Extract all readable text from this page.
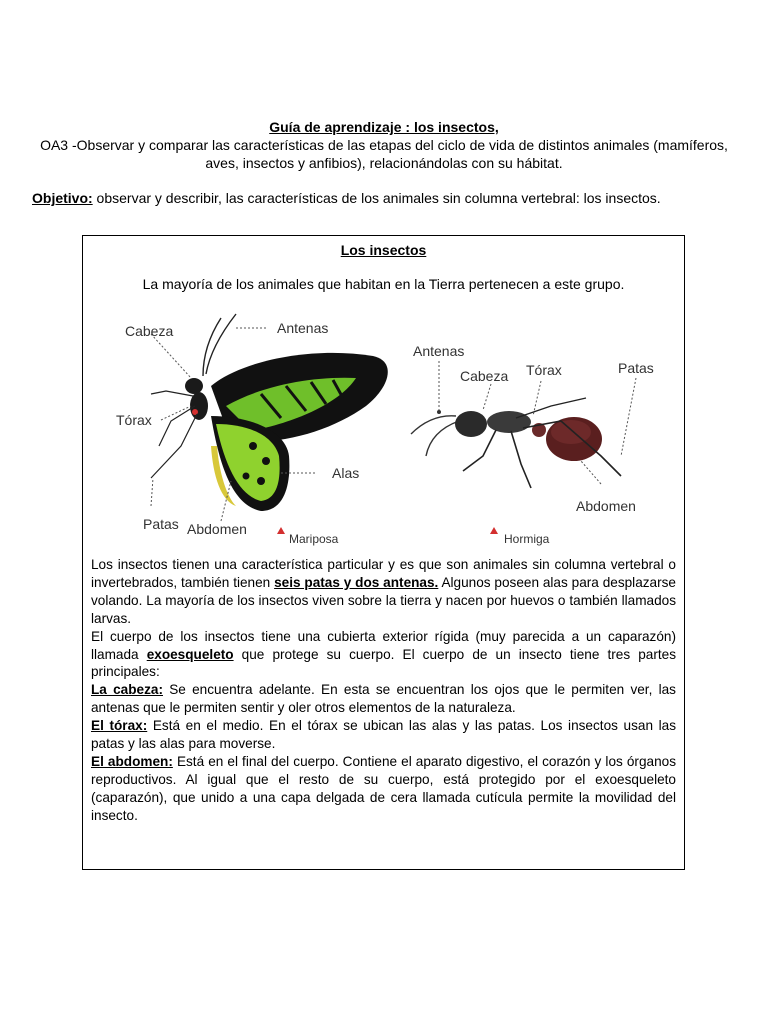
Guía de aprendizaje : los insectos,
OA3 -Observar y comparar las características de las etapas del ciclo de vida de distintos animales (mamíferos, aves, insectos y anfibios), relacionándolas con su hábitat.
Objetivo: observar y describir, las características de los animales sin columna vertebral: los insectos.
Los insectos
La mayoría de los animales que habitan en la Tierra pertenecen a este grupo.
Cabeza	Antenas
Tórax
Alas
Patas Abdomen
Mariposa
Antenas
Cabeza Tórax	Patas
Abdomen
Hormiga

Los insectos tienen una característica particular y es que son animales sin columna vertebral o invertebrados, también tienen seis patas y dos antenas. Algunos poseen alas para desplazarse volando. La mayoría de los insectos viven sobre la tierra y nacen por huevos o también llamados larvas.

El cuerpo de los insectos tiene una cubierta exterior rígida (muy parecida a un caparazón) llamada exoesqueleto que protege su cuerpo. El cuerpo de un insecto tiene tres partes principales:

La cabeza: Se encuentra adelante. En esta se encuentran los ojos que le permiten ver, las antenas que le permiten sentir y oler otros elementos de la naturaleza.

El tórax: Está en el medio. En el tórax se ubican las alas y las patas. Los insectos usan las patas y las alas para moverse.

El abdomen: Está en el final del cuerpo. Contiene el aparato digestivo, el corazón y los órganos reproductivos. Al igual que el resto de su cuerpo, está protegido por el exoesqueleto (caparazón), que unido a una capa delgada de cera llamada cutícula permite la movilidad del insecto.
